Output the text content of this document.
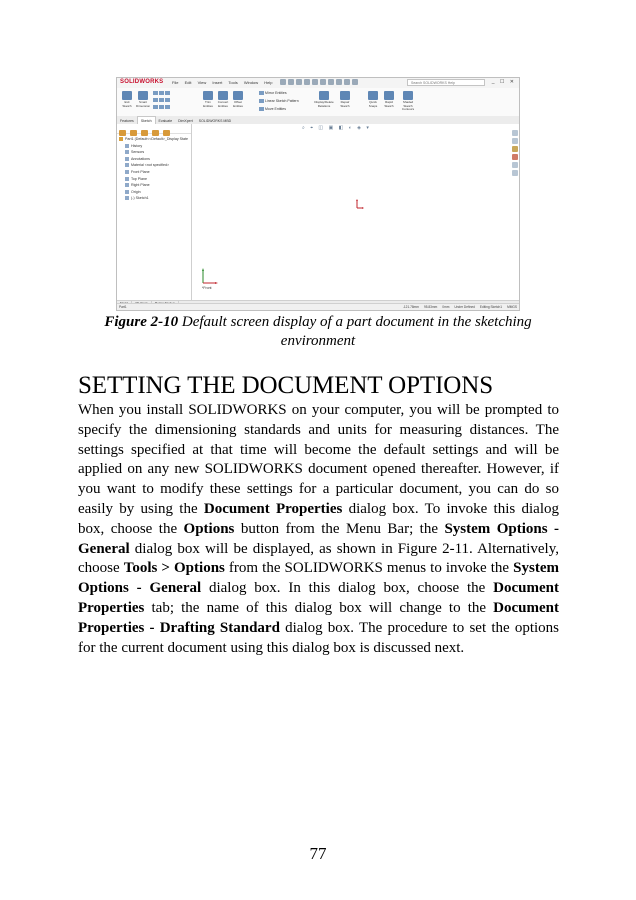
SOLIDWORKS File Edit View Insert Tools Window Help	Search SOLIDWORKS Help	_ ☐ ✕
Exit Sketch
Smart Dimension
Trim Entities
Convert Entities
Offset Entities
Mirror Entities
Linear Sketch Pattern
Move Entities
Display/Delete Relations
Repair Sketch
Quick Snaps
Rapid Sketch
Shaded Sketch Contours
Features Sketch Evaluate DimXpert SOLIDWORKS MBD
Part1 (Default<<Default>_Display State
History
Sensors
Annotations
Material <not specified>
Front Plane
Top Plane
Right Plane
Origin
(-) Sketch1
⌕ ⌖ ◫ ▣ ◧ ◐ ◈ ▾
*Front
Part1	-121.78mm 95.83mm 0mm Under Defined Editing Sketch1 MMGS
Figure 2-10 Default screen display of a part document in the sketching environment
SETTING THE DOCUMENT OPTIONS
When you install SOLIDWORKS on your computer, you will be prompted to specify the dimensioning standards and units for measuring distances. The settings specified at that time will become the default settings and will be applied on any new SOLIDWORKS document opened thereafter. However, if you want to modify these settings for a particular document, you can do so easily by using the Document Properties dialog box. To invoke this dialog box, choose the Options button from the Menu Bar; the System Options - General dialog box will be displayed, as shown in Figure 2-11. Alternatively, choose Tools > Options from the SOLIDWORKS menus to invoke the System Options - General dialog box. In this dialog box, choose the Document Properties tab; the name of this dialog box will change to the Document Properties - Drafting Standard dialog box. The procedure to set the options for the current document using this dialog box is discussed next.
77
